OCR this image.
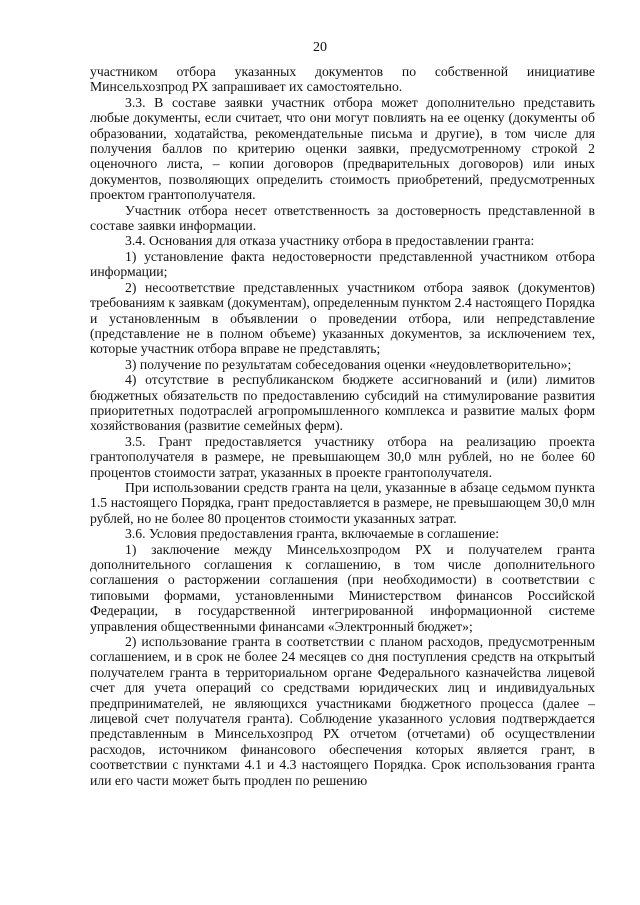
20

участником отбора указанных документов по собственной инициативе Минсельхозпрод РХ запрашивает их самостоятельно.

3.3. В составе заявки участник отбора может дополнительно представить любые документы, если считает, что они могут повлиять на ее оценку (документы об образовании, ходатайства, рекомендательные письма и другие), в том числе для получения баллов по критерию оценки заявки, предусмотренному строкой 2 оценочного листа, – копии договоров (предварительных договоров) или иных документов, позволяющих определить стоимость приобретений, предусмотренных проектом грантополучателя.

Участник отбора несет ответственность за достоверность представленной в составе заявки информации.

3.4. Основания для отказа участнику отбора в предоставлении гранта:

1) установление факта недостоверности представленной участником отбора информации;

2) несоответствие представленных участником отбора заявок (документов) требованиям к заявкам (документам), определенным пунктом 2.4 настоящего Порядка и установленным в объявлении о проведении отбора, или непредставление (представление не в полном объеме) указанных документов, за исключением тех, которые участник отбора вправе не представлять;

3) получение по результатам собеседования оценки «неудовлетворительно»;

4) отсутствие в республиканском бюджете ассигнований и (или) лимитов бюджетных обязательств по предоставлению субсидий на стимулирование развития приоритетных подотраслей агропромышленного комплекса и развитие малых форм хозяйствования (развитие семейных ферм).

3.5. Грант предоставляется участнику отбора на реализацию проекта грантополучателя в размере, не превышающем 30,0 млн рублей, но не более 60 процентов стоимости затрат, указанных в проекте грантополучателя.

При использовании средств гранта на цели, указанные в абзаце седьмом пункта 1.5 настоящего Порядка, грант предоставляется в размере, не превышающем 30,0 млн рублей, но не более 80 процентов стоимости указанных затрат.

3.6. Условия предоставления гранта, включаемые в соглашение:

1) заключение между Минсельхозпродом РХ и получателем гранта дополнительного соглашения к соглашению, в том числе дополнительного соглашения о расторжении соглашения (при необходимости) в соответствии с типовыми формами, установленными Министерством финансов Российской Федерации, в государственной интегрированной информационной системе управления общественными финансами «Электронный бюджет»;

2) использование гранта в соответствии с планом расходов, предусмотренным соглашением, и в срок не более 24 месяцев со дня поступления средств на открытый получателем гранта в территориальном органе Федерального казначейства лицевой счет для учета операций со средствами юридических лиц и индивидуальных предпринимателей, не являющихся участниками бюджетного процесса (далее – лицевой счет получателя гранта). Соблюдение указанного условия подтверждается представленным в Минсельхозпрод РХ отчетом (отчетами) об осуществлении расходов, источником финансового обеспечения которых является грант, в соответствии с пунктами 4.1 и 4.3 настоящего Порядка. Срок использования гранта или его части может быть продлен по решению
